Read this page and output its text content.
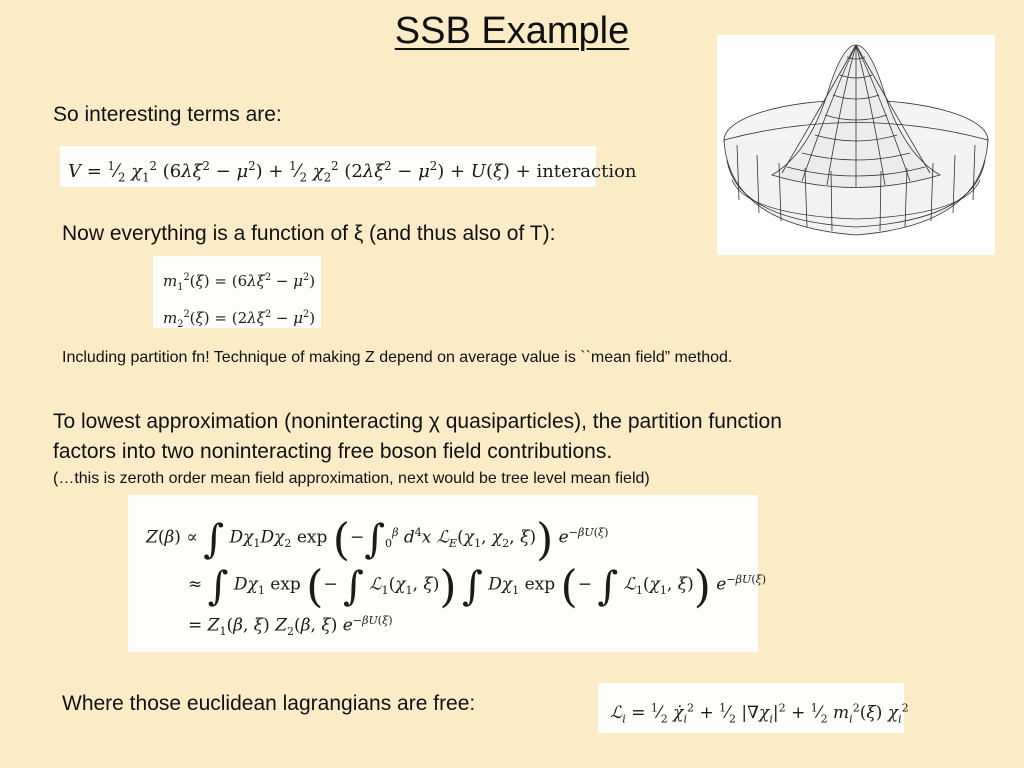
SSB Example
So interesting terms are:
$V = ^1⁄_2$ $\chi_1^2$ $(6\lambda\xi^2 - \mu^2)$ + $^1⁄_2$ $\chi_2^2$ $(2\lambda\xi^2 - \mu^2) + U(\xi)$ + interaction
Now everything is a function of ξ (and thus also of T):
$m_1^2(\xi) = (6\lambda\xi^2 - \mu^2)$
$m_2^2(\xi) = (2\lambda\xi^2 - \mu^2)$
Including partition fn! Technique of making Z depend on average value is ``mean field” method.
To lowest approximation (noninteracting χ quasiparticles), the partition function
factors into two noninteracting free boson field contributions.
(…this is zeroth order mean field approximation, next would be tree level mean field)
Z(β) ∝ ∫ $D\chi_1D\chi_2$ $\exp (-\int_0^\beta$ $d^4x$ $ℒ_E(\chi_1$, $\chi_2$, ξ)) $e^{-\beta U(\xi)}$
≈ ∫ $D\chi_1$ exp (− ∫ $ℒ_1(\chi_1$, ξ)) ∫ $D\chi_1$ exp (− ∫ $ℒ_1(\chi_1$, ξ)) $e^{-\beta U(\xi)}$
= $Z_1(\beta$, ξ) $Z_2(\beta$, ξ) $e^{-\beta U(\xi)}$
Where those euclidean lagrangians are free:	ℒ$_i$ = $^1⁄_2$ $\chi̇_i^2$ + $^1⁄_2$ $|\nabla\chi_i|^2$ + $^1⁄_2$ $m_i^2(\xi)$ $\chi_i^2$
